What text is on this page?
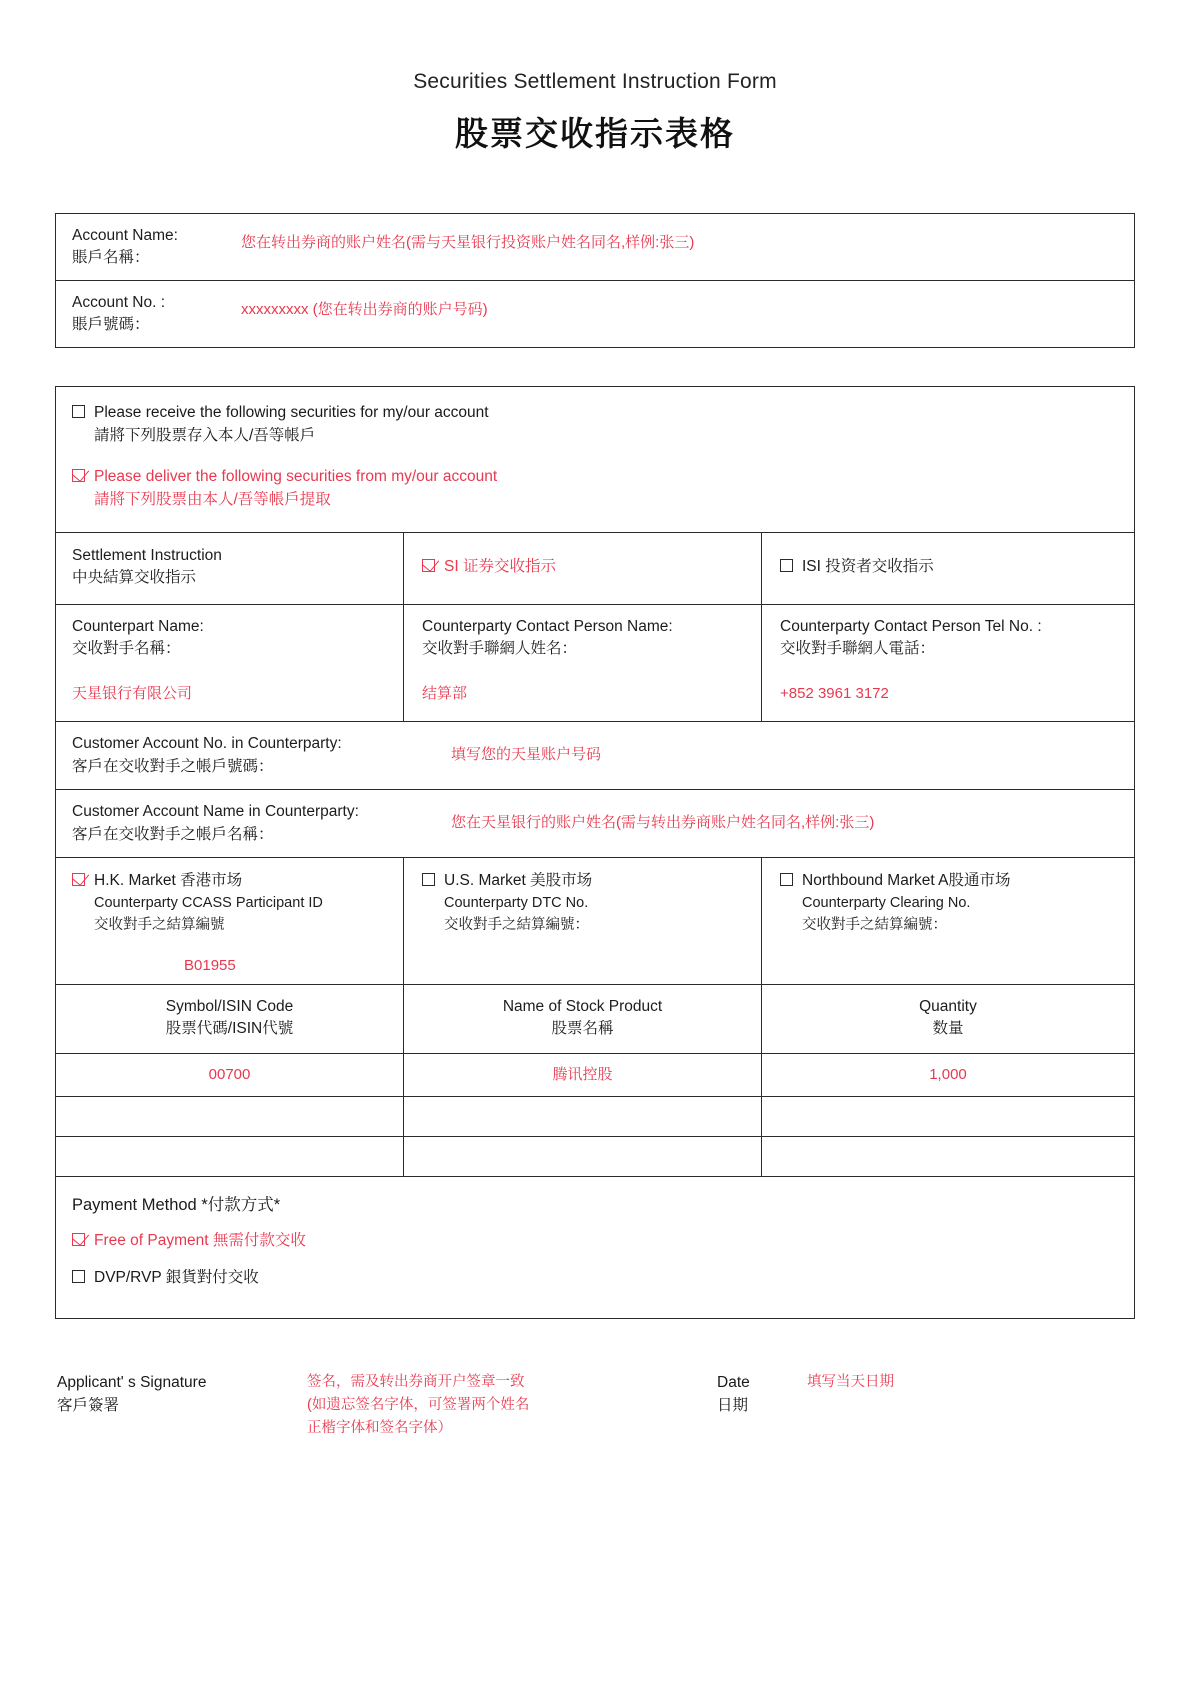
Securities Settlement Instruction Form
股票交收指示表格
Account Name:
賬戶名稱：
您在转出券商的账户姓名(需与天星银行投资账户姓名同名,样例:张三)
Account No. :
賬戶號碼：
xxxxxxxxx (您在转出券商的账户号码)
Please receive the following securities for my/our account
請將下列股票存入本人/吾等帳戶
Please deliver the following securities from my/our account
請將下列股票由本人/吾等帳戶提取
Settlement Instruction
中央結算交收指示
SI 证券交收指示	ISI 投资者交收指示
Counterpart Name:
交收對手名稱：
天星银行有限公司
Counterparty Contact Person Name:
交收對手聯網人姓名：
结算部
Counterparty Contact Person Tel No. :
交收對手聯網人電話：
+852 3961 3172
Customer Account No. in Counterparty:
客戶在交收對手之帳戶號碼：
填写您的天星账户号码
Customer Account Name in Counterparty:
客戶在交收對手之帳戶名稱：
您在天星银行的账户姓名(需与转出券商账户姓名同名,样例:张三)
H.K. Market 香港市场
Counterparty CCASS Participant ID
交收對手之結算編號
B01955
U.S. Market 美股市场
Counterparty DTC No.
交收對手之結算編號：
Northbound Market A股通市场
Counterparty Clearing No.
交收對手之結算編號：
Symbol/ISIN Code
股票代碼/ISIN代號
Name of Stock Product
股票名稱
Quantity
数量
00700	腾讯控股	1,000
Payment Method *付款方式*
Free of Payment 無需付款交收
DVP/RVP 銀貨對付交收
Applicant' s Signature
客戶簽署
签名，需及转出券商开户签章一致
(如遗忘签名字体，可签署两个姓名
正楷字体和签名字体）
Date
日期
填写当天日期
